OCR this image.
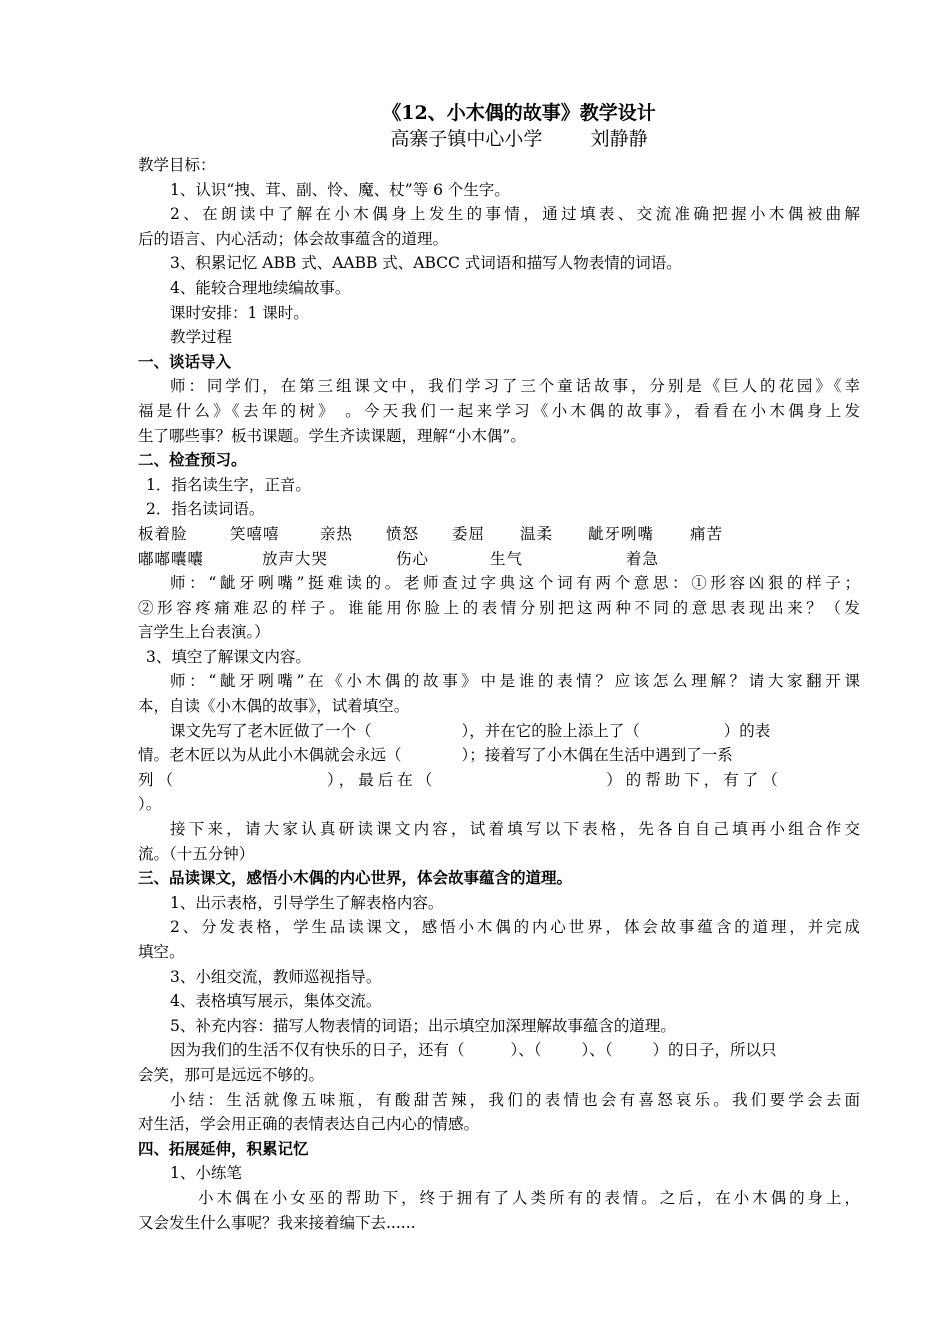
《12、小木偶的故事》教学设计
高寨子镇中心小学        刘静静
教学目标：
1、认识“拽、茸、副、怜、魔、杖”等 6 个生字。
2、在朗读中了解在小木偶身上发生的事情，通过填表、交流准确把握小木偶被曲解
后的语言、内心活动；体会故事蕴含的道理。
3、积累记忆 ABB 式、AABB 式、ABCC 式词语和描写人物表情的词语。
4、能较合理地续编故事。
课时安排：1 课时。
教学过程
一、谈话导入
师：同学们，在第三组课文中，我们学习了三个童话故事，分别是《巨人的花园》《幸
福是什么》《去年的树》 。今天我们一起来学习《小木偶的故事》，看看在小木偶身上发
生了哪些事？板书课题。学生齐读课题，理解“小木偶”。
二、检查预习。
1．指名读生字，正音。
2．指名读词语。
板着脸	笑嘻嘻	亲热 愤怒 委屈 温柔 龇牙咧嘴 痛苦
嘟嘟囔囔	放声大哭	伤心	生气	着急
师：“龇牙咧嘴”挺难读的。老师查过字典这个词有两个意思：①形容凶狠的样子；
②形容疼痛难忍的样子。谁能用你脸上的表情分别把这两种不同的意思表现出来？（发
言学生上台表演。）
3、填空了解课文内容。
师：“龇牙咧嘴”在《小木偶的故事》中是谁的表情？应该怎么理解？请大家翻开课
本，自读《小木偶的故事》，试着填空。
课文先写了老木匠做了一个（	），并在它的脸上添上了（	）的表
情。老木匠以为从此小木偶就会永远（	）；接着写了小木偶在生活中遇到了一系
列（	），最后在（	）的帮助下，有了（
）。
接下来，请大家认真研读课文内容，试着填写以下表格，先各自自己填再小组合作交
流。（十五分钟）
三、品读课文，感悟小木偶的内心世界，体会故事蕴含的道理。
1、出示表格，引导学生了解表格内容。
2、分发表格，学生品读课文，感悟小木偶的内心世界，体会故事蕴含的道理，并完成
填空。
3、小组交流，教师巡视指导。
4、表格填写展示，集体交流。
5、补充内容：描写人物表情的词语；出示填空加深理解故事蕴含的道理。
因为我们的生活不仅有快乐的日子，还有（	）、（	）、（	）的日子，所以只
会笑，那可是远远不够的。
小结：生活就像五味瓶，有酸甜苦辣，我们的表情也会有喜怒哀乐。我们要学会去面
对生活，学会用正确的表情表达自己内心的情感。
四、拓展延伸，积累记忆
1、小练笔
小木偶在小女巫的帮助下，终于拥有了人类所有的表情。之后，在小木偶的身上，
又会发生什么事呢？我来接着编下去......
